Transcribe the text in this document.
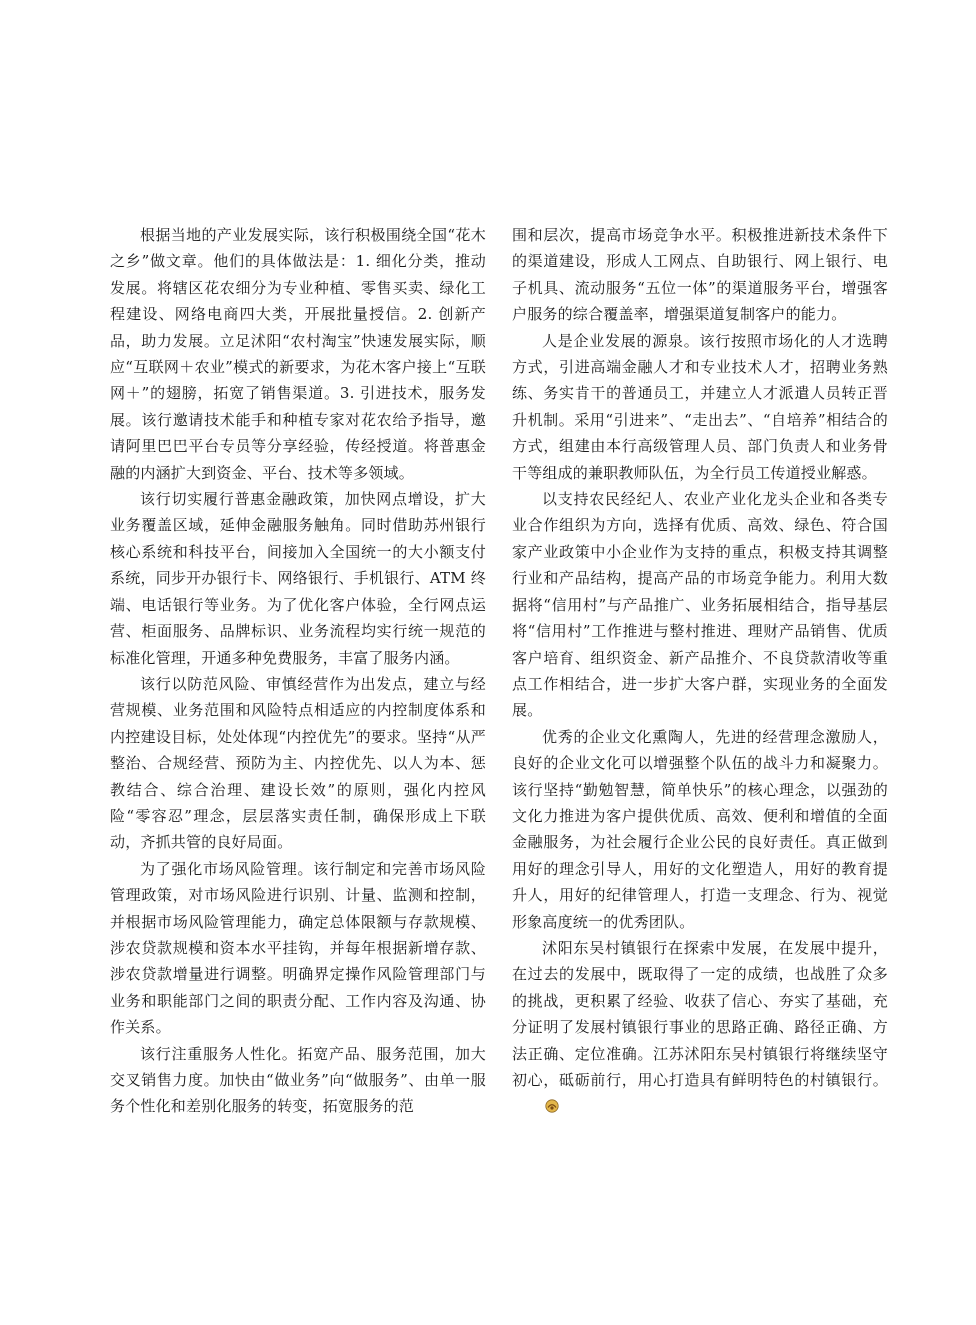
根据当地的产业发展实际，该行积极围绕全国“花木之乡”做文章。他们的具体做法是：1. 细化分类，推动发展。将辖区花农细分为专业种植、零售买卖、绿化工程建设、网络电商四大类，开展批量授信。2. 创新产品，助力发展。立足沭阳“农村淘宝”快速发展实际，顺应“互联网＋农业”模式的新要求，为花木客户接上“互联网＋”的翅膀，拓宽了销售渠道。3. 引进技术，服务发展。该行邀请技术能手和种植专家对花农给予指导，邀请阿里巴巴平台专员等分享经验，传经授道。将普惠金融的内涵扩大到资金、平台、技术等多领域。

该行切实履行普惠金融政策，加快网点增设，扩大业务覆盖区域，延伸金融服务触角。同时借助苏州银行核心系统和科技平台，间接加入全国统一的大小额支付系统，同步开办银行卡、网络银行、手机银行、ATM 终端、电话银行等业务。为了优化客户体验，全行网点运营、柜面服务、品牌标识、业务流程均实行统一规范的标准化管理，开通多种免费服务，丰富了服务内涵。

该行以防范风险、审慎经营作为出发点，建立与经营规模、业务范围和风险特点相适应的内控制度体系和内控建设目标，处处体现“内控优先”的要求。坚持“从严整治、合规经营、预防为主、内控优先、以人为本、惩教结合、综合治理、建设长效”的原则，强化内控风险“零容忍”理念，层层落实责任制，确保形成上下联动，齐抓共管的良好局面。

为了强化市场风险管理。该行制定和完善市场风险管理政策，对市场风险进行识别、计量、监测和控制，并根据市场风险管理能力，确定总体限额与存款规模、涉农贷款规模和资本水平挂钩，并每年根据新增存款、涉农贷款增量进行调整。明确界定操作风险管理部门与业务和职能部门之间的职责分配、工作内容及沟通、协作关系。

该行注重服务人性化。拓宽产品、服务范围，加大交叉销售力度。加快由“做业务”向“做服务”、由单一服务个性化和差别化服务的转变，拓宽服务的范

围和层次，提高市场竞争水平。积极推进新技术条件下的渠道建设，形成人工网点、自助银行、网上银行、电子机具、流动服务“五位一体”的渠道服务平台，增强客户服务的综合覆盖率，增强渠道复制客户的能力。

人是企业发展的源泉。该行按照市场化的人才选聘方式，引进高端金融人才和专业技术人才，招聘业务熟练、务实肯干的普通员工，并建立人才派遣人员转正晋升机制。采用“引进来”、“走出去”、“自培养”相结合的方式，组建由本行高级管理人员、部门负责人和业务骨干等组成的兼职教师队伍，为全行员工传道授业解惑。

以支持农民经纪人、农业产业化龙头企业和各类专业合作组织为方向，选择有优质、高效、绿色、符合国家产业政策中小企业作为支持的重点，积极支持其调整行业和产品结构，提高产品的市场竞争能力。利用大数据将“信用村”与产品推广、业务拓展相结合，指导基层将“信用村”工作推进与整村推进、理财产品销售、优质客户培育、组织资金、新产品推介、不良贷款清收等重点工作相结合，进一步扩大客户群，实现业务的全面发展。

优秀的企业文化熏陶人，先进的经营理念激励人，良好的企业文化可以增强整个队伍的战斗力和凝聚力。该行坚持“勤勉智慧，简单快乐”的核心理念，以强劲的文化力推进为客户提供优质、高效、便利和增值的全面金融服务，为社会履行企业公民的良好责任。真正做到用好的理念引导人，用好的文化塑造人，用好的教育提升人，用好的纪律管理人，打造一支理念、行为、视觉形象高度统一的优秀团队。

沭阳东吴村镇银行在探索中发展，在发展中提升，在过去的发展中，既取得了一定的成绩，也战胜了众多的挑战，更积累了经验、收获了信心、夯实了基础，充分证明了发展村镇银行事业的思路正确、路径正确、方法正确、定位准确。江苏沭阳东吴村镇银行将继续坚守初心，砥砺前行，用心打造具有鲜明特色的村镇银行。
